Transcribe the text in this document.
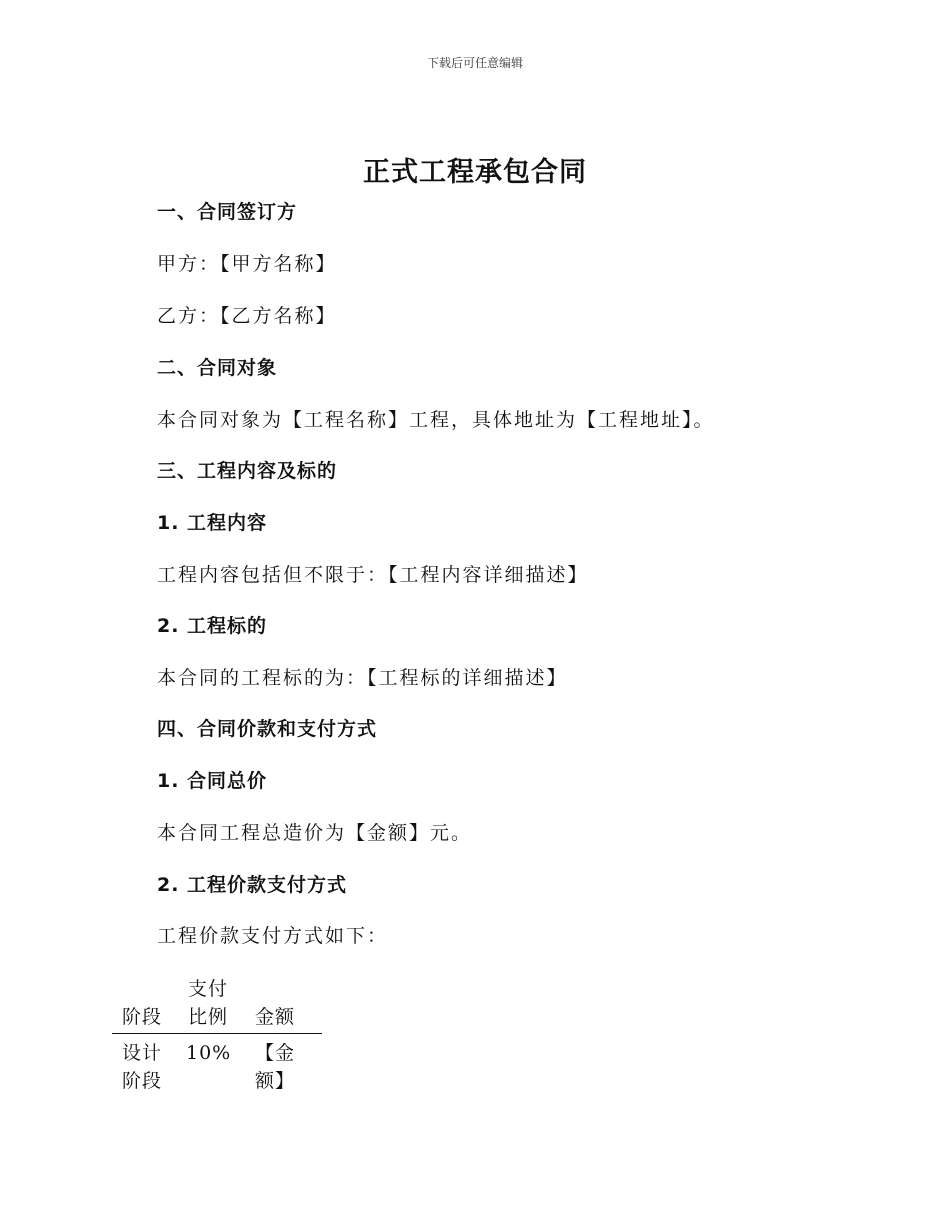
下载后可任意编辑
正式工程承包合同
一、合同签订方
甲方：【甲方名称】
乙方：【乙方名称】
二、合同对象
本合同对象为【工程名称】工程，具体地址为【工程地址】。
三、工程内容及标的
1. 工程内容
工程内容包括但不限于：【工程内容详细描述】
2. 工程标的
本合同的工程标的为：【工程标的详细描述】
四、合同价款和支付方式
1. 合同总价
本合同工程总造价为【金额】元。
2. 工程价款支付方式
工程价款支付方式如下：
阶段
支付比例 金额
设计阶段
10% 【金额】
